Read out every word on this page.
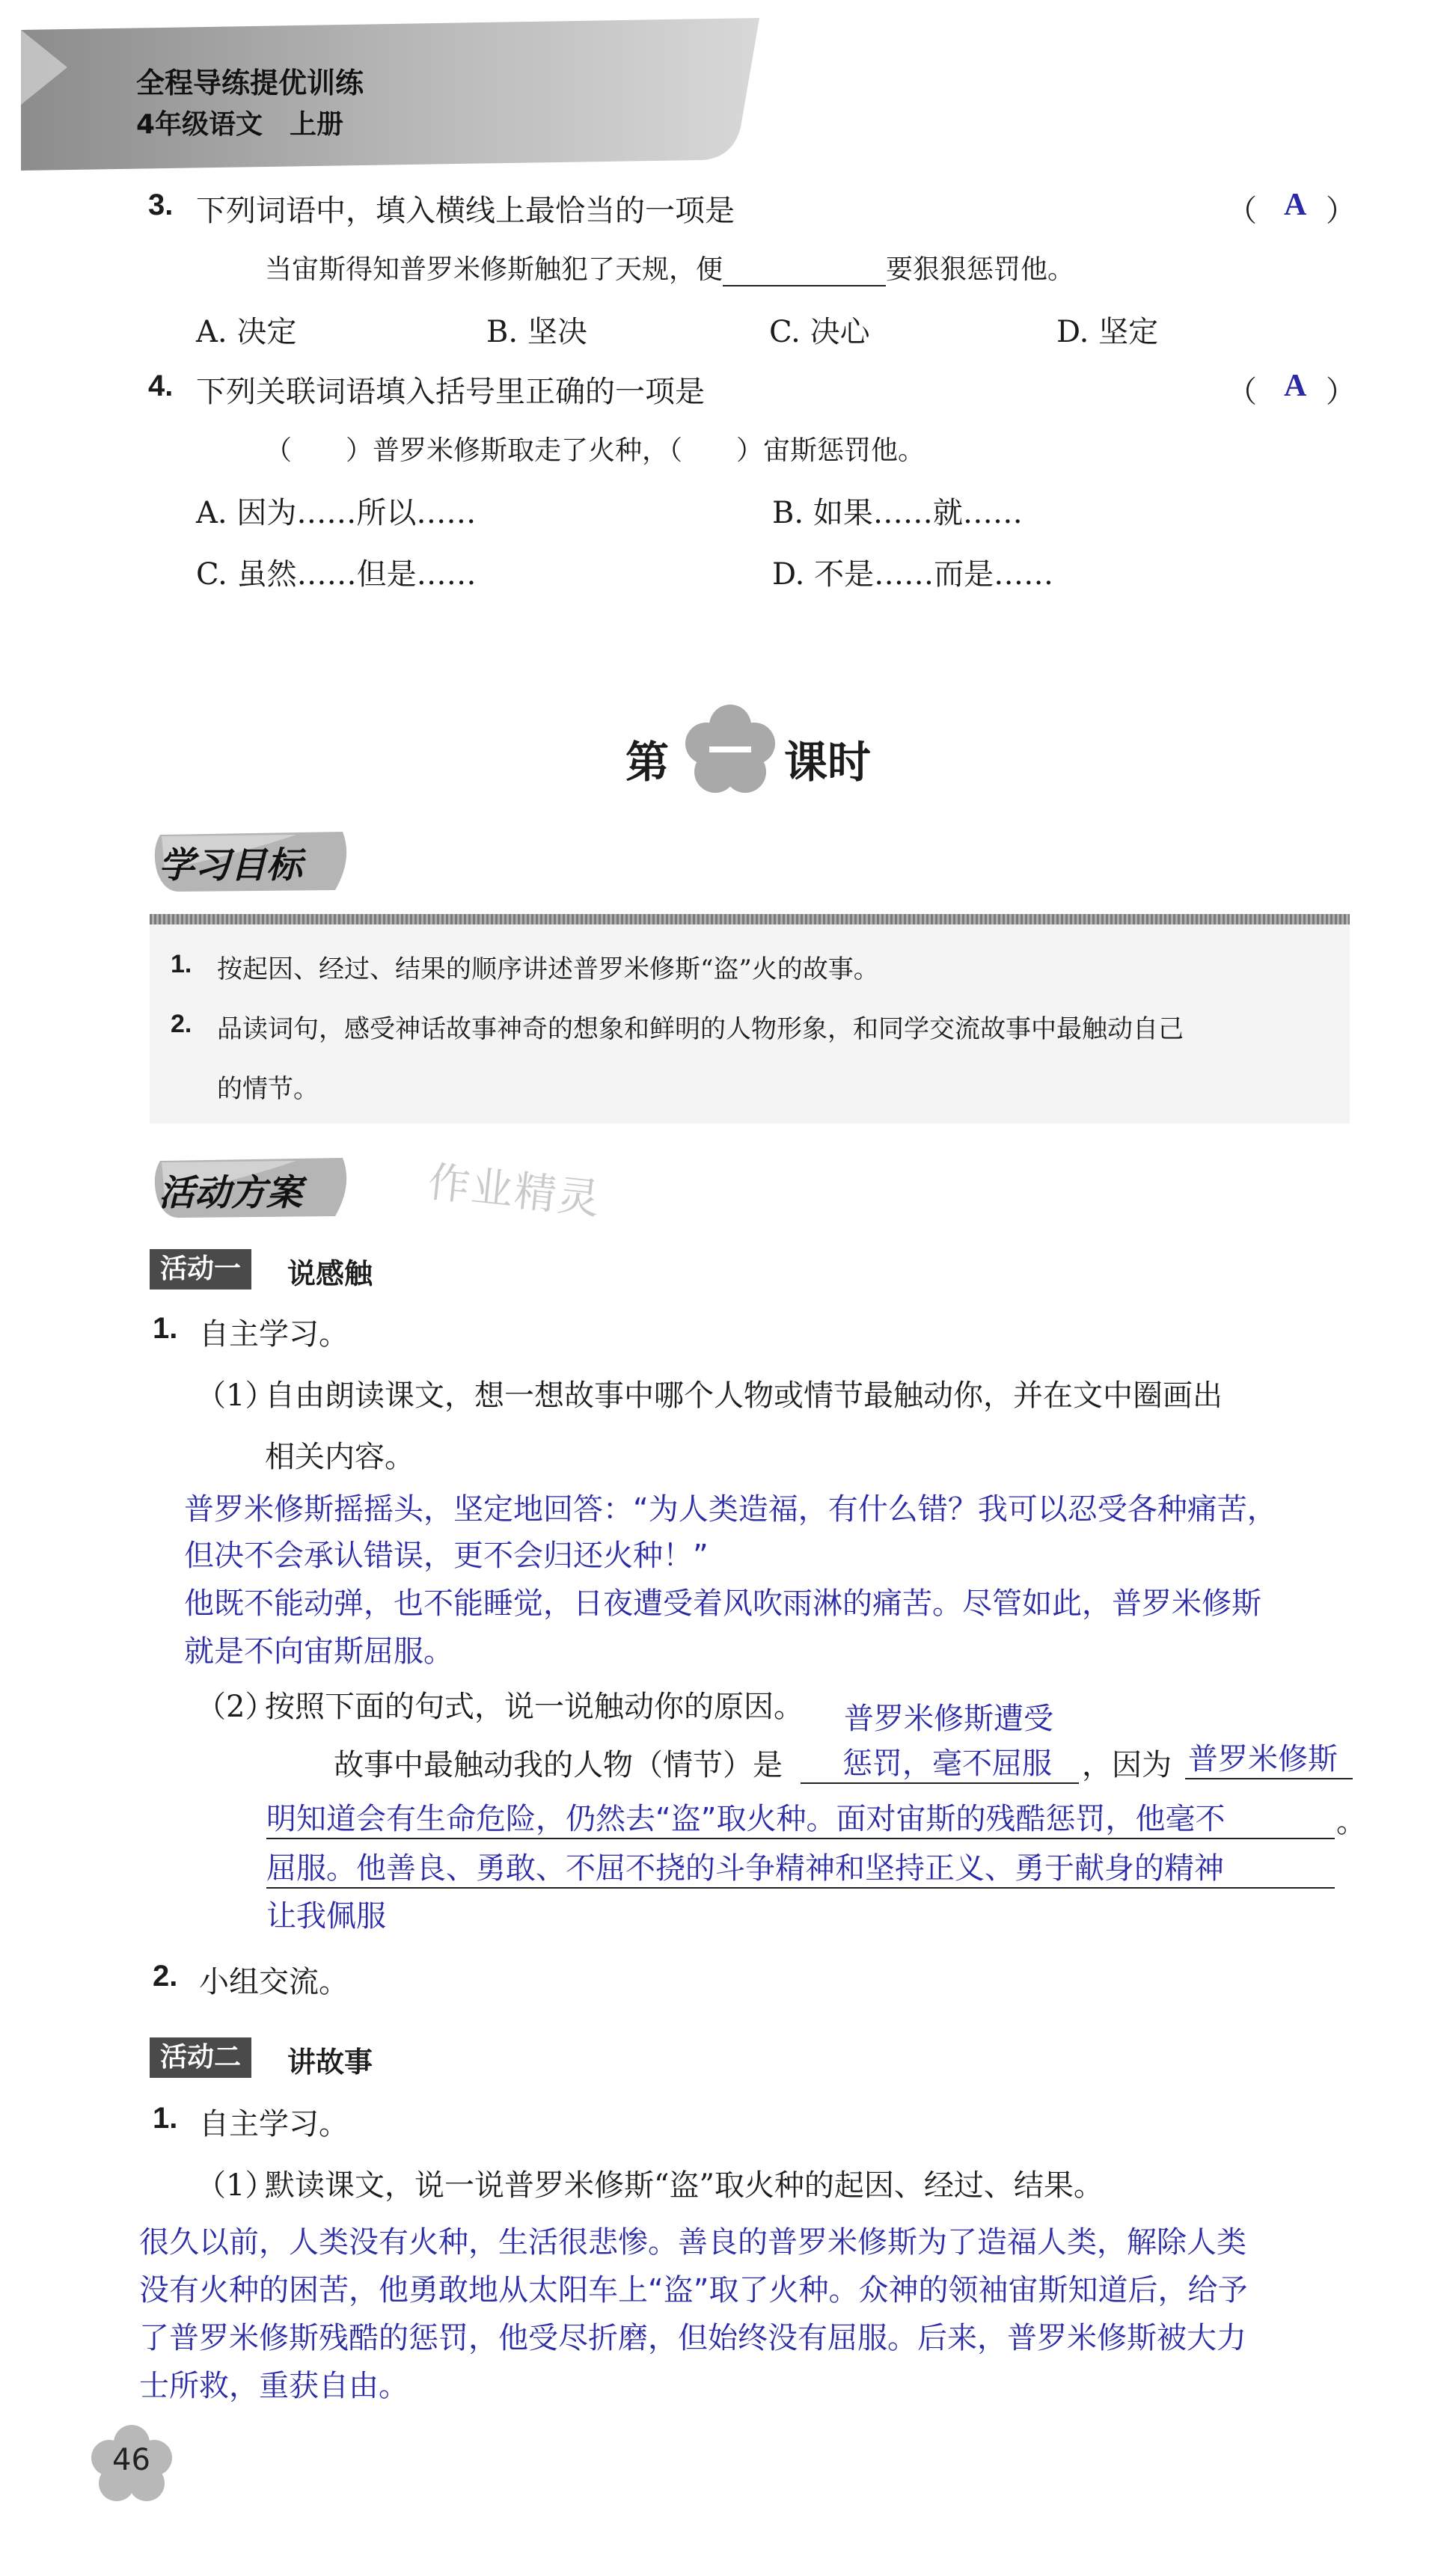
全程导练提优训练
4年级语文　上册
3. 下列词语中，填入横线上最恰当的一项是	（ A ）
当宙斯得知普罗米修斯触犯了天规，便	要狠狠惩罚他。
A. 决定	B. 坚决	C. 决心	D. 坚定
4. 下列关联词语填入括号里正确的一项是	（ A ）
（　　）普罗米修斯取走了火种，（　　）宙斯惩罚他。
A. 因为……所以……	B. 如果……就……
C. 虽然……但是……	D. 不是……而是……
第	课时
学习目标
1. 按起因、经过、结果的顺序讲述普罗米修斯“盗”火的故事。
2. 品读词句，感受神话故事神奇的想象和鲜明的人物形象，和同学交流故事中最触动自己
的情节。
活动方案	作业精灵
活动一	说感触
1. 自主学习。
（1）
自由朗读课文，想一想故事中哪个人物或情节最触动你，并在文中圈画出
相关内容。
普罗米修斯摇摇头，坚定地回答：“为人类造福，有什么错？我可以忍受各种痛苦，
但决不会承认错误，更不会归还火种！”
他既不能动弹，也不能睡觉，日夜遭受着风吹雨淋的痛苦。尽管如此，普罗米修斯
就是不向宙斯屈服。
（2）
按照下面的句式，说一说触动你的原因。 普罗米修斯遭受
故事中最触动我的人物（情节）是	惩罚，毫不屈服	，因为 普罗米修斯
明知道会有生命危险，仍然去“盗”取火种。面对宙斯的残酷惩罚，他毫不	。
屈服。他善良、勇敢、不屈不挠的斗争精神和坚持正义、勇于献身的精神
让我佩服
2. 小组交流。
活动二	讲故事
1. 自主学习。
（1）
默读课文，说一说普罗米修斯“盗”取火种的起因、经过、结果。
很久以前，人类没有火种，生活很悲惨。善良的普罗米修斯为了造福人类，解除人类
没有火种的困苦，他勇敢地从太阳车上“盗”取了火种。众神的领袖宙斯知道后，给予
了普罗米修斯残酷的惩罚，他受尽折磨，但始终没有屈服。后来，普罗米修斯被大力
士所救，重获自由。
46
